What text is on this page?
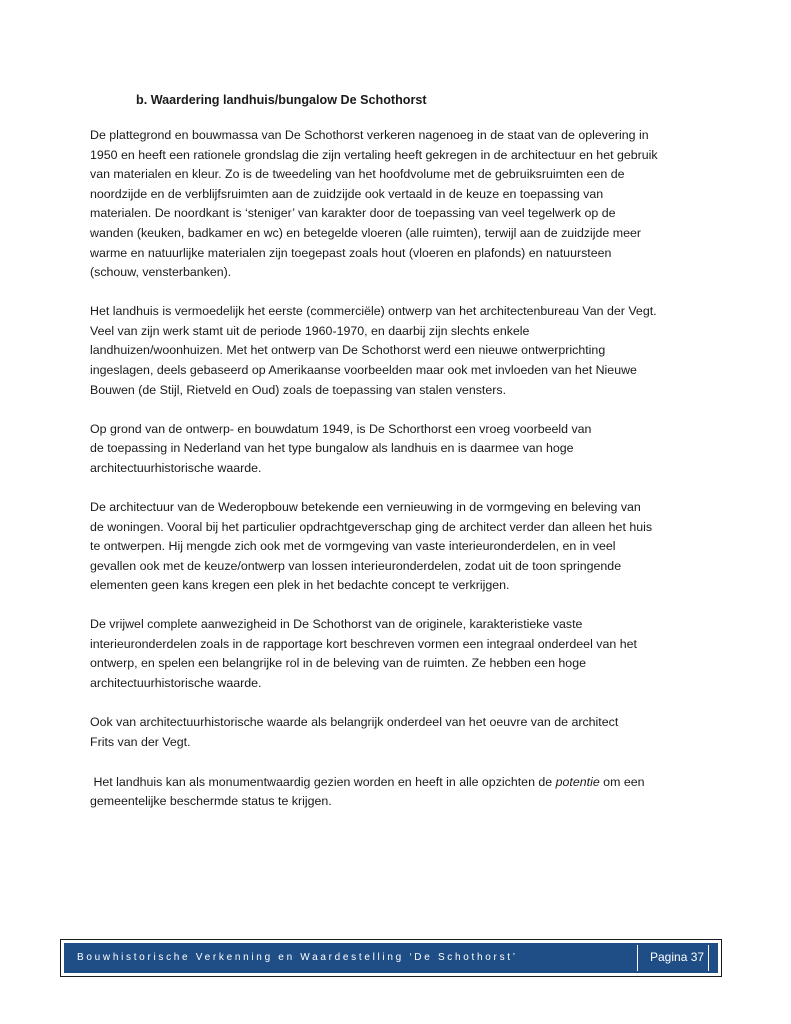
b. Waardering landhuis/bungalow De Schothorst
De plattegrond en bouwmassa van De Schothorst verkeren nagenoeg in de staat van de oplevering in
1950 en heeft een rationele grondslag die zijn vertaling heeft gekregen in de architectuur en het gebruik
van materialen en kleur. Zo is de tweedeling van het hoofdvolume met de gebruiksruimten een de
noordzijde en de verblijfsruimten aan de zuidzijde ook vertaald in de keuze en toepassing van
materialen. De noordkant is ‘steniger’ van karakter door de toepassing van veel tegelwerk op de
wanden (keuken, badkamer en wc) en betegelde vloeren (alle ruimten), terwijl aan de zuidzijde meer
warme en natuurlijke materialen zijn toegepast zoals hout (vloeren en plafonds) en natuursteen
(schouw, vensterbanken).
Het landhuis is vermoedelijk het eerste (commerciële) ontwerp van het architectenbureau Van der Vegt.
Veel van zijn werk stamt uit de periode 1960-1970, en daarbij zijn slechts enkele
landhuizen/woonhuizen. Met het ontwerp van De Schothorst werd een nieuwe ontwerprichting
ingeslagen, deels gebaseerd op Amerikaanse voorbeelden maar ook met invloeden van het Nieuwe
Bouwen (de Stijl, Rietveld en Oud) zoals de toepassing van stalen vensters.
Op grond van de ontwerp- en bouwdatum 1949, is De Schorthorst een vroeg voorbeeld van
de toepassing in Nederland van het type bungalow als landhuis en is daarmee van hoge
architectuurhistorische waarde.
De architectuur van de Wederopbouw betekende een vernieuwing in de vormgeving en beleving van
de woningen. Vooral bij het particulier opdrachtgeverschap ging de architect verder dan alleen het huis
te ontwerpen. Hij mengde zich ook met de vormgeving van vaste interieuronderdelen, en in veel
gevallen ook met de keuze/ontwerp van lossen interieuronderdelen, zodat uit de toon springende
elementen geen kans kregen een plek in het bedachte concept te verkrijgen.
De vrijwel complete aanwezigheid in De Schothorst van de originele, karakteristieke vaste
interieuronderdelen zoals in de rapportage kort beschreven vormen een integraal onderdeel van het
ontwerp, en spelen een belangrijke rol in de beleving van de ruimten. Ze hebben een hoge
architectuurhistorische waarde.
Ook van architectuurhistorische waarde als belangrijk onderdeel van het oeuvre van de architect
Frits van der Vegt.
Het landhuis kan als monumentwaardig gezien worden en heeft in alle opzichten de potentie om een
gemeentelijke beschermde status te krijgen.
Bouwhistorische Verkenning en Waardestelling ‘De Schothorst’	Pagina 37
